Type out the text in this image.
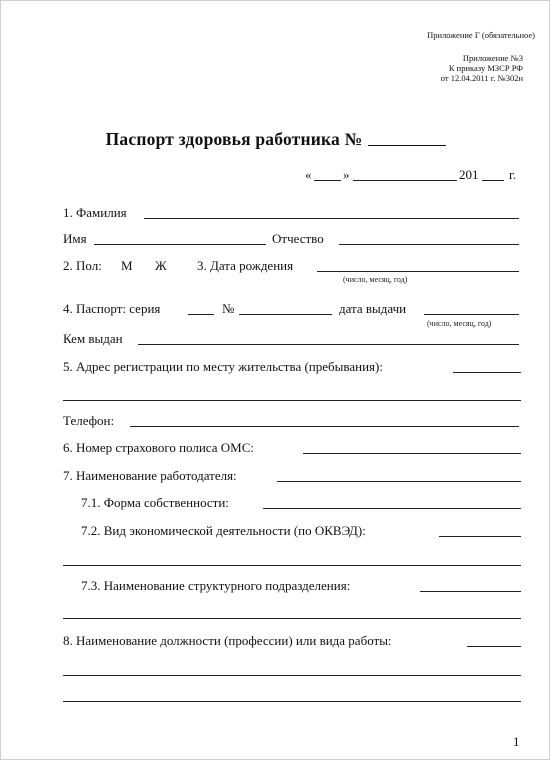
Приложение Г (обязательное)
Приложение №3
К приказу МЗСР РФ
от 12.04.2011 г. №302н
Паспорт здоровья работника №
« »	201 г.
1. Фамилия
Имя	Отчество
2. Пол: М Ж 3. Дата рождения
(число, месяц, год)
4. Паспорт: серия	№	дата выдачи
(число, месяц, год)
Кем выдан
5. Адрес регистрации по месту жительства (пребывания):
Телефон:
6. Номер страхового полиса ОМС:
7. Наименование работодателя:
7.1. Форма собственности:
7.2. Вид экономической деятельности (по ОКВЭД):
7.3. Наименование структурного подразделения:
8. Наименование должности (профессии) или вида работы:
1
